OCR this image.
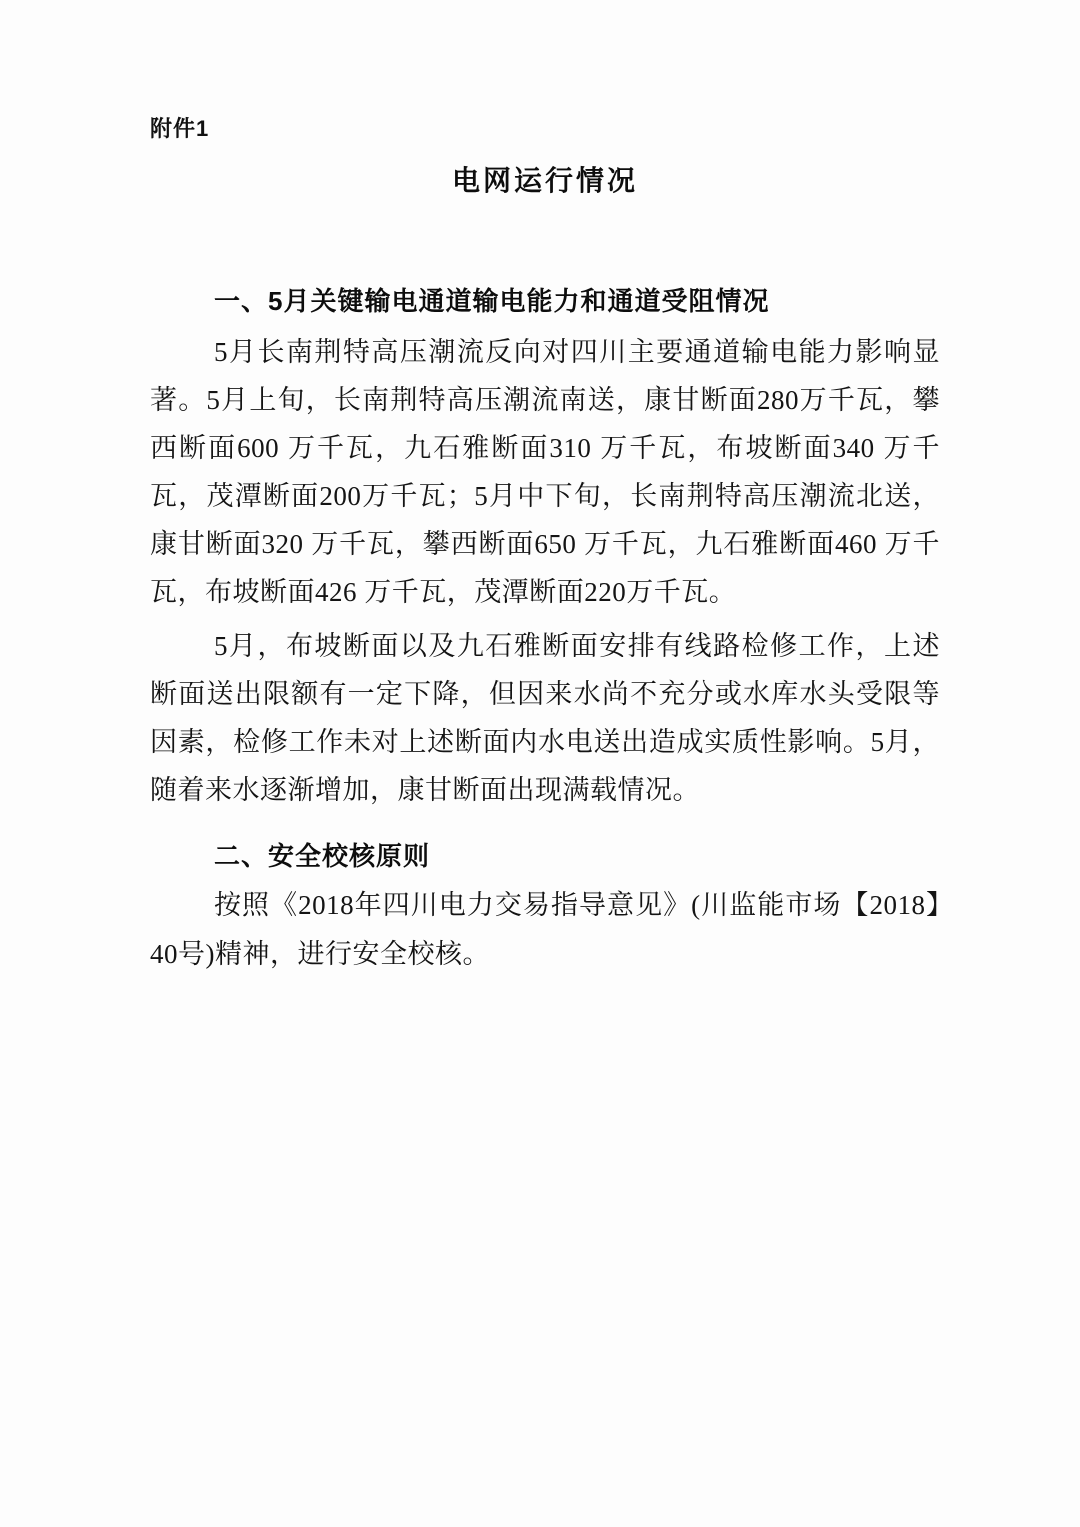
附件1
电网运行情况
一、5月关键输电通道输电能力和通道受阻情况

5月长南荆特高压潮流反向对四川主要通道输电能力影响显著。5月上旬，长南荆特高压潮流南送，康甘断面280万千瓦，攀西断面600 万千瓦，九石雅断面310 万千瓦，布坡断面340 万千瓦，茂潭断面200万千瓦；5月中下旬，长南荆特高压潮流北送，康甘断面320 万千瓦，攀西断面650 万千瓦，九石雅断面460 万千瓦，布坡断面426 万千瓦，茂潭断面220万千瓦。

5月，布坡断面以及九石雅断面安排有线路检修工作，上述断面送出限额有一定下降，但因来水尚不充分或水库水头受限等因素，检修工作未对上述断面内水电送出造成实质性影响。5月，随着来水逐渐增加，康甘断面出现满载情况。

二、安全校核原则

按照《2018年四川电力交易指导意见》(川监能市场【2018】40号)精神，进行安全校核。
